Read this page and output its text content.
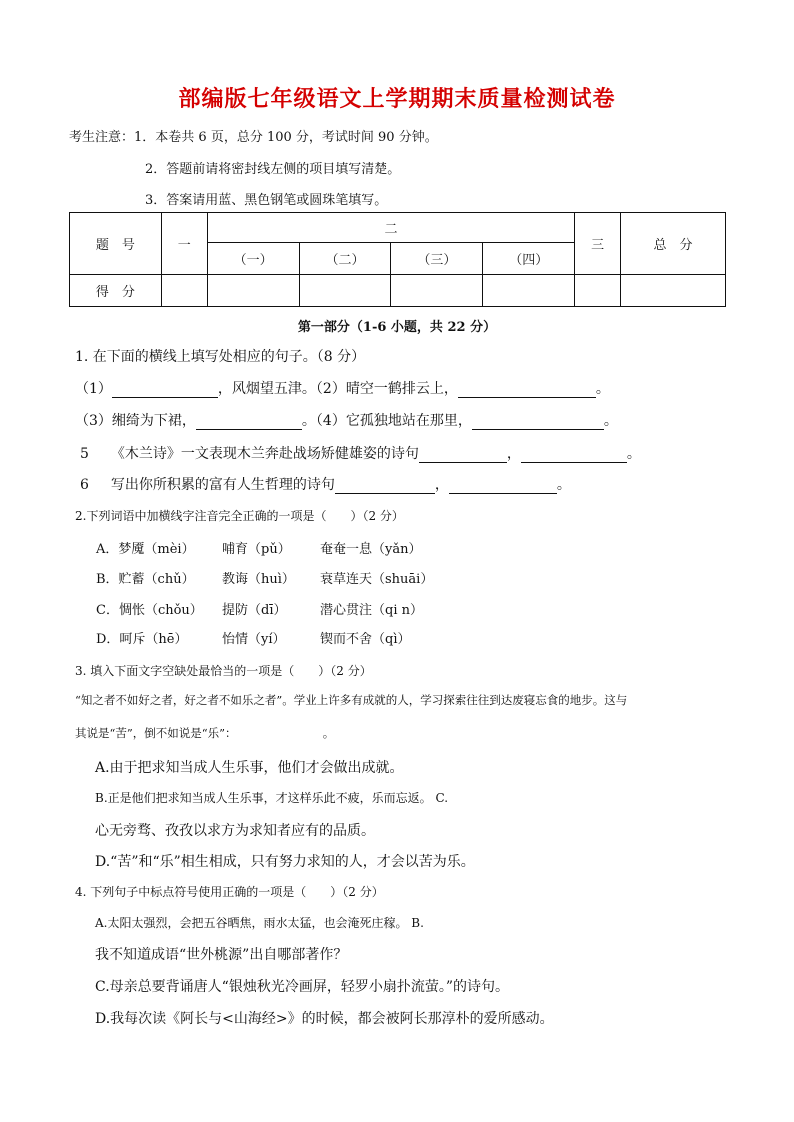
部编版七年级语文上学期期末质量检测试卷
考生注意：1．本卷共 6 页，总分 100 分，考试时间 90 分钟。
2．答题前请将密封线左侧的项目填写清楚。
3．答案请用蓝、黑色钢笔或圆珠笔填写。
题　号	一	二				三	总　分
		（一）	（二）	（三）	（四）		
得　分							
第一部分（1-6 小题，共 22 分）
1. 在下面的横线上填写处相应的句子。（8 分）
（1）	，风烟望五津。（2）晴空一鹤排云上，	。
（3）缃绮为下裙，	。（4）它孤独地站在那里，	。
5 《木兰诗》一文表现木兰奔赴战场矫健雄姿的诗句	，	。
6 写出你所积累的富有人生哲理的诗句	，	。
2.下列词语中加横线字注音完全正确的一项是（　　）（2 分）
A．梦魇（mèi） 哺育（pǔ） 奄奄一息（yǎn）
B．贮蓄（chǔ） 教诲（huì） 衰草连天（shuāi）
C．惆怅（chǒu） 提防（dī）	潜心贯注（qi n）
D．呵斥（hē）	怡情（yí）	锲而不舍（qì）
3. 填入下面文字空缺处最恰当的一项是（　　）（2 分）
“知之者不如好之者，好之者不如乐之者”。学业上许多有成就的人，学习探索往往到达废寝忘食的地步。这与
其说是“苦”，倒不如说是“乐”：　　　　　　　　。
A.由于把求知当成人生乐事，他们才会做出成就。
B.正是他们把求知当成人生乐事，才这样乐此不疲，乐而忘返。 C.
心无旁骛、孜孜以求方为求知者应有的品质。
D.“苦”和“乐”相生相成，只有努力求知的人，才会以苦为乐。
4. 下列句子中标点符号使用正确的一项是（　　）（2 分）
A.太阳太强烈，会把五谷晒焦，雨水太猛，也会淹死庄稼。 B.
我不知道成语“世外桃源”出自哪部著作？
C.母亲总要背诵唐人“银烛秋光冷画屏，轻罗小扇扑流萤。”的诗句。
D.我每次读《阿长与<山海经>》的时候，都会被阿长那淳朴的爱所感动。
